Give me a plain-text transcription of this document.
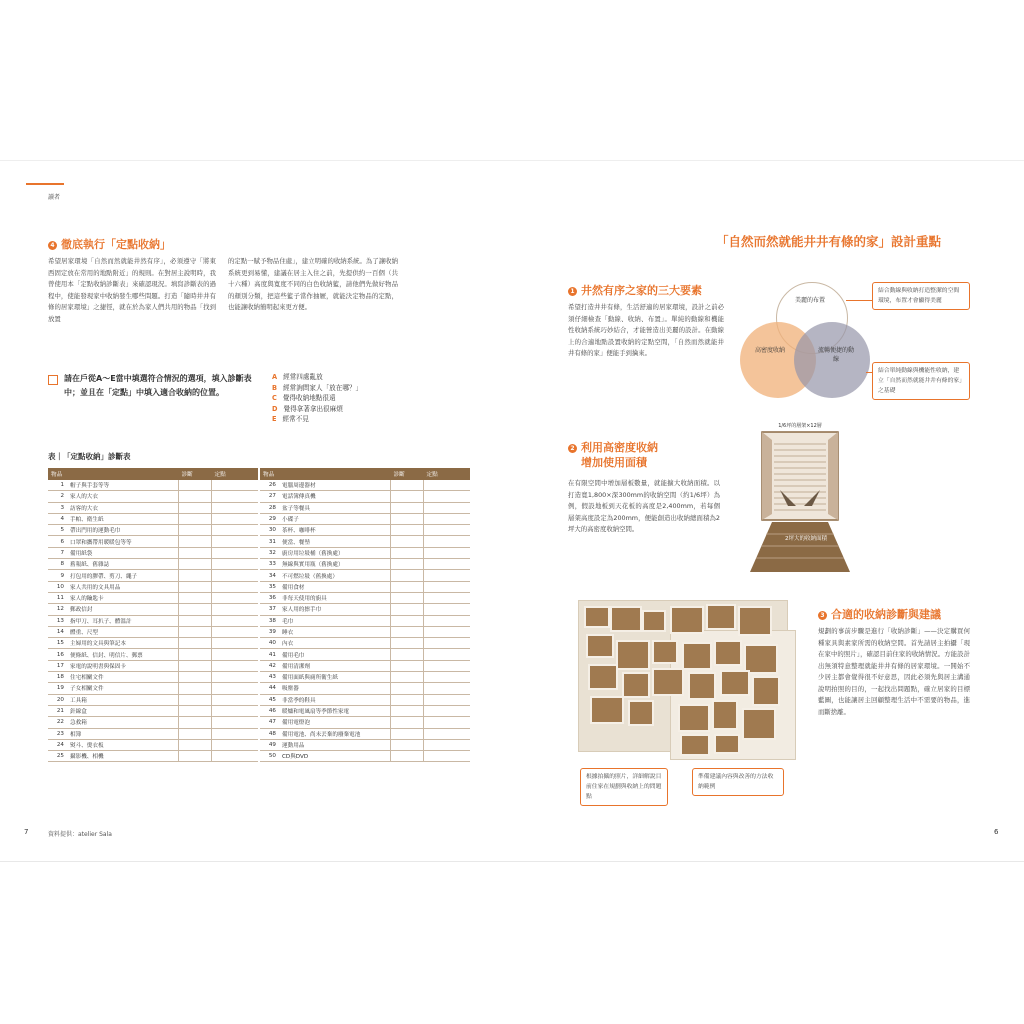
讀者
4 徹底執行「定點收納」
希望居家環境「自然而然就能井然有序」，必須遵守「將東西固定放在常用的地點附近」的規則。在對居主說明時，我曾使用本「定點收納診斷表」來確認現況。填寫診斷表的過程中，使能發現家中收納發生哪些問題。打造「隨時井井有條的居家環境」之捷徑，就在於為家人們共用的物品「找到放置
的定點一賦予物品住處」，建立明確的收納系統。為了讓收納系統更到易懂，建議在居主入住之前，先提供約一百個（共十六種）高度與寬度不同的白色收納籃，請他們先做好物品的顏別分類，把這些籃子當作抽屜，就能決定物品的定點，也能讓收納簡明起來更方便。
請在戶從A～E當中填選符合情況的選項，填入診斷表中；並且在「定點」中填入適合收納的位置。
A 經常四處亂放
B 經常詢問家人「放在哪？」
C 覺得收納地點很遠
D 覺得拿著拿出很麻煩
E 經常不見
表｜「定點收納」診斷表
物品		診斷	定點
1	帽子與手套等等		
2	家人的大衣		
3	訪客的大衣		
4	手帕、衛生紙		
5	帶出門用的運動毛巾		
6	口罩和攜帶用暖暖包等等		
7	備用紙袋		
8	舊報紙、舊雜誌		
9	打包用的膠帶、剪刀、繩子		
10	家人共用的文具用品		
11	家人的鑰匙卡		
12	郵政信封		
13	指甲刀、耳扒子、體溫計		
14	體重、尺型		
15	主婦用的文具與筆記本		
16	便條紙、信封、明信片、郵票		
17	家電的說明書與保固卡		
18	住宅相關文件		
19	子女相關文件		
20	工具箱		
21	針線盒		
22	急救箱		
23	相簿		
24	熨斗、燙衣板		
25	攝影機、相機		
物品		診斷	定點
26	電腦周邊器材		
27	電話簿傳真機		
28	盆子等餐具		
29	小碟子		
30	茶杯、咖啡杯		
31	便當、餐墊		
32	廚房用垃圾桶（舊換處）		
33	無線與實用瓶（舊換處）		
34	不可燃垃圾（舊換處）		
35	備用食材		
36	非每天使用的廚具		
37	家人用的擦手巾		
38	毛巾		
39	睡衣		
40	內衣		
41	備用毛巾		
42	備用清潔劑		
43	備用面紙與廁所衛生紙		
44	吸塵器		
45	非當季的鞋具		
46	暖爐和電風扇等季節性家電		
47	備用電燈泡		
48	備用電池、尚未丟棄的廢棄電池		
49	運動用品		
50	CD與DVD		
7	資料提供：atelier Sala
「自然而然就能井井有條的家」設計重點
1 井然有序之家的三大要素
希望打造井井有條，生活舒適的居家環境，設計之前必須仔細檢查「動線、收納、布置」。單純的動線和機能性收納系統巧妙結合，才能營造出美麗的設計。在動線上的合適地點設置收納的定點空間，「自然而然就能井井有條的家」便能手到擒來。
美麗的布置
高密度收納	流暢便捷的動線
結合動線與收納打造整潔的空間環境，布置才會顯得美麗
結合單純動線與機能性收納，建立「自然而然就能井井有條的家」之基礎
2 利用高密度收納
增加使用面積
在有限空間中增加層板數量，就能擴大收納面積。以打造寬1,800×深300mm的收納空間（約1/6坪）為例，假設地板到天花板的高度是2,400mm，若每個層架高度設定為200mm，便能創造出收納總面積為2坪大的高密度收納空間。
1/6坪的層架×12層
2坪大的收納面積
根據拍攝的照片，詳細解說目前住家在規劃與收納上的問題點
準備建議內容與改善的方法收納範例
3 合適的收納診斷與建議
規劃的事前步驟是進行「收納診斷」——決定購買何種家具與素家所需的收納空間。首先請居主拍攝「現在家中的照片」，確認目前住家的收納情況。方能設計出無須特意整理就能井井有條的居家環境。一開始不少居主都會覺得很不好意思，因此必須先與居主溝通說明拍照的目的，一起找出問題點，確立居家的目標藍圖，也能讓居主回顧整理生活中不需要的物品，進而斷捨離。
6
